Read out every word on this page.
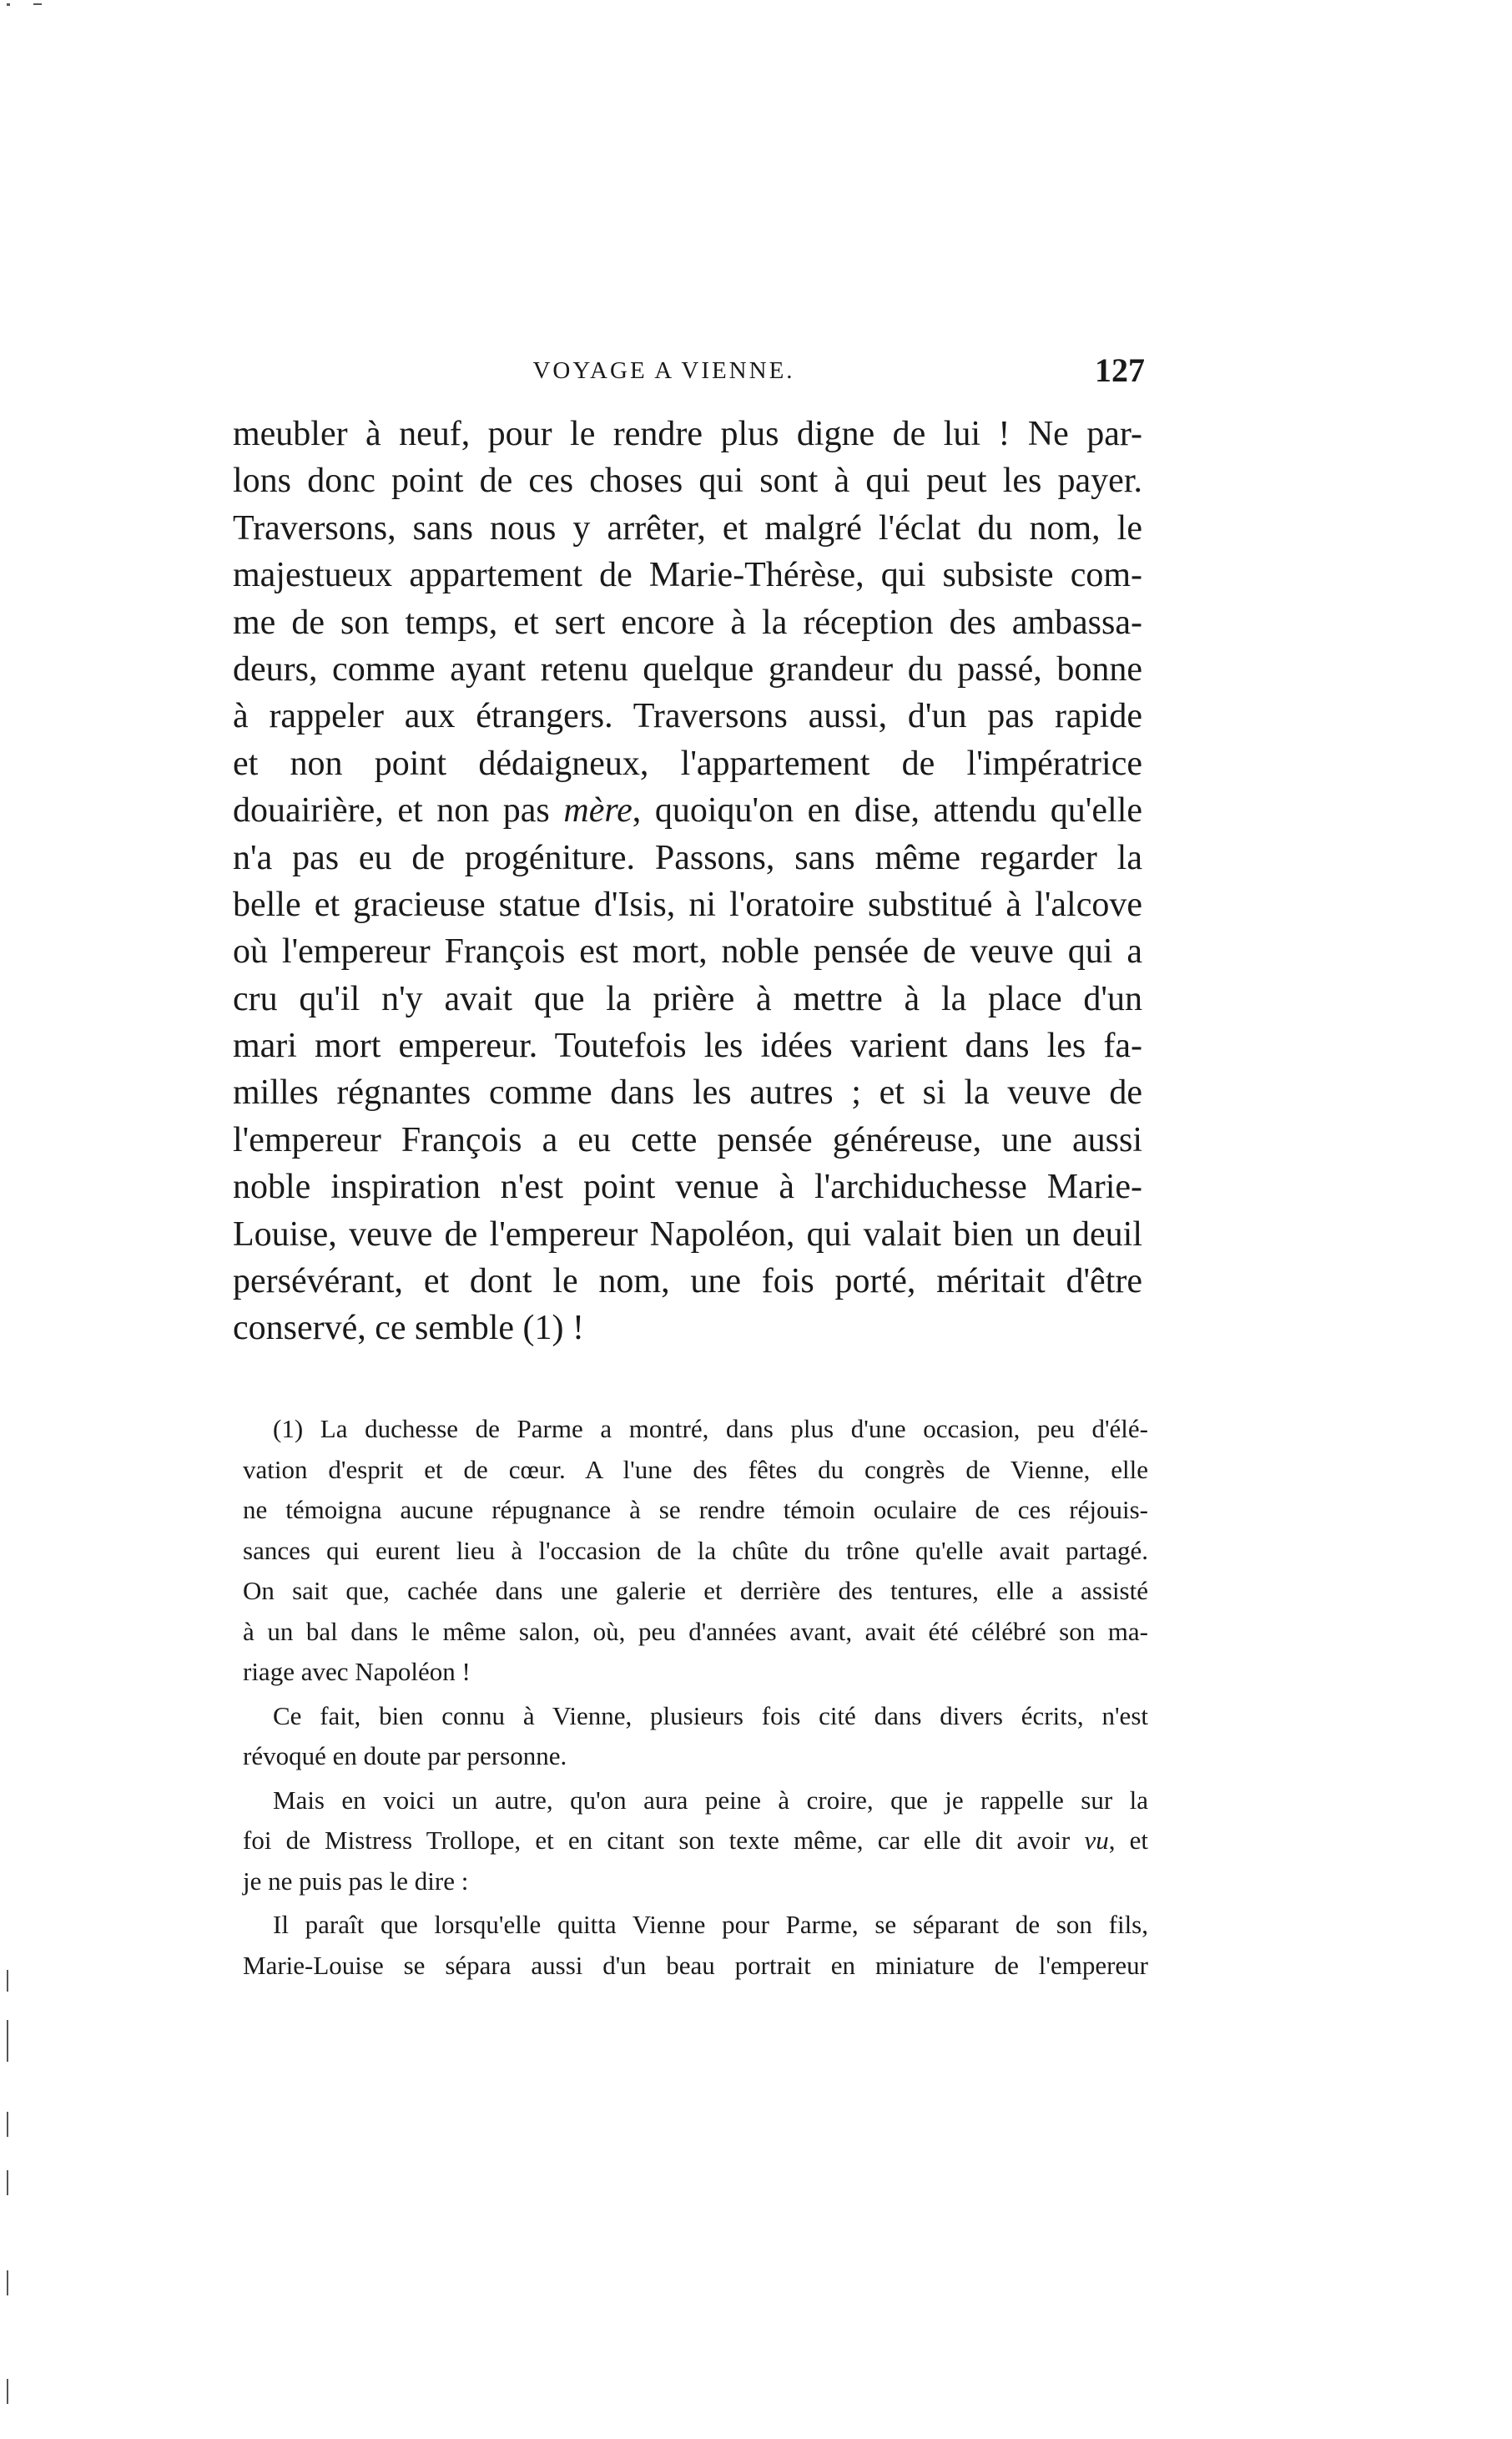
VOYAGE A VIENNE.	127
meubler à neuf, pour le rendre plus digne de lui ! Ne par-
lons donc point de ces choses qui sont à qui peut les payer.
Traversons, sans nous y arrêter, et malgré l'éclat du nom, le
majestueux appartement de Marie-Thérèse, qui subsiste com-
me de son temps, et sert encore à la réception des ambassa-
deurs, comme ayant retenu quelque grandeur du passé, bonne
à rappeler aux étrangers. Traversons aussi, d'un pas rapide
et non point dédaigneux, l'appartement de l'impératrice
douairière, et non pas mère, quoiqu'on en dise, attendu qu'elle
n'a pas eu de progéniture. Passons, sans même regarder la
belle et gracieuse statue d'Isis, ni l'oratoire substitué à l'alcove
où l'empereur François est mort, noble pensée de veuve qui a
cru qu'il n'y avait que la prière à mettre à la place d'un
mari mort empereur. Toutefois les idées varient dans les fa-
milles régnantes comme dans les autres ; et si la veuve de
l'empereur François a eu cette pensée généreuse, une aussi
noble inspiration n'est point venue à l'archiduchesse Marie-
Louise, veuve de l'empereur Napoléon, qui valait bien un deuil
persévérant, et dont le nom, une fois porté, méritait d'être
conservé, ce semble (1) !
(1) La duchesse de Parme a montré, dans plus d'une occasion, peu d'élé-
vation d'esprit et de cœur. A l'une des fêtes du congrès de Vienne, elle
ne témoigna aucune répugnance à se rendre témoin oculaire de ces réjouis-
sances qui eurent lieu à l'occasion de la chûte du trône qu'elle avait partagé.
On sait que, cachée dans une galerie et derrière des tentures, elle a assisté
à un bal dans le même salon, où, peu d'années avant, avait été célébré son ma-
riage avec Napoléon !
Ce fait, bien connu à Vienne, plusieurs fois cité dans divers écrits, n'est
révoqué en doute par personne.
Mais en voici un autre, qu'on aura peine à croire, que je rappelle sur la
foi de Mistress Trollope, et en citant son texte même, car elle dit avoir vu, et
je ne puis pas le dire :
Il paraît que lorsqu'elle quitta Vienne pour Parme, se séparant de son fils,
Marie-Louise se sépara aussi d'un beau portrait en miniature de l'empereur
